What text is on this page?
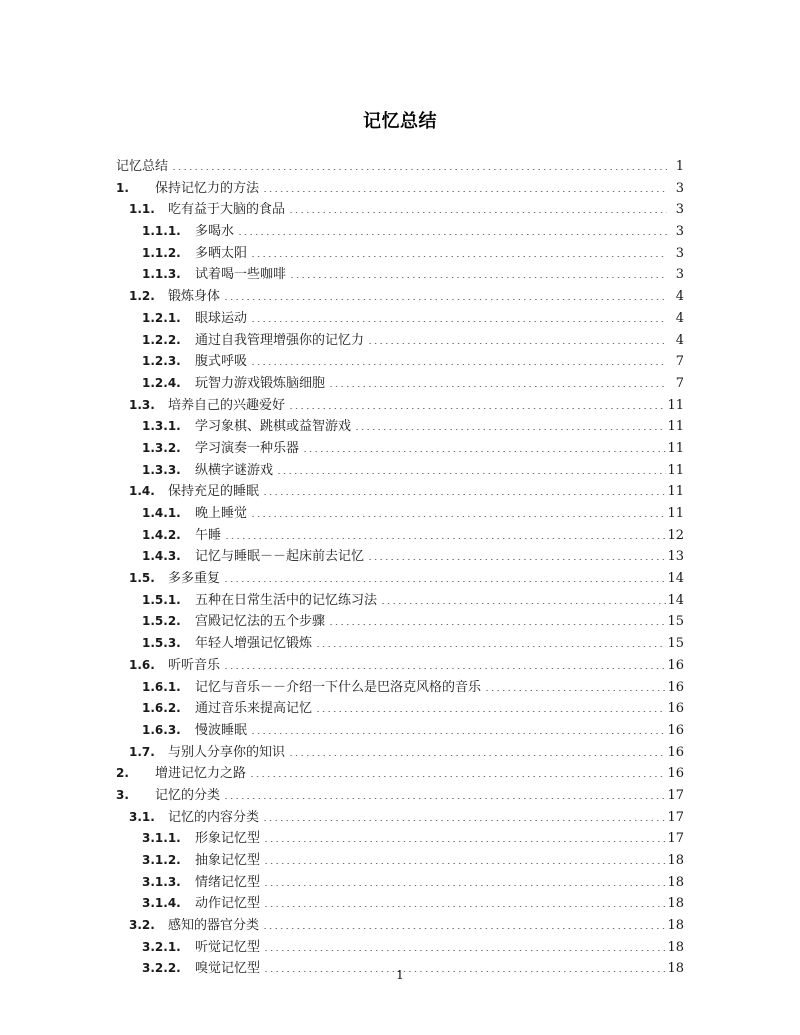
记忆总结
记忆总结 .....	1
1.	保持记忆力的方法 .....	3
1.1.	吃有益于大脑的食品 .....	3
1.1.1.	多喝水 .....	3
1.1.2.	多晒太阳 .....	3
1.1.3.	试着喝一些咖啡 .....	3
1.2.	锻炼身体 .....	4
1.2.1.	眼球运动 .....	4
1.2.2.	通过自我管理增强你的记忆力 .....	4
1.2.3.	腹式呼吸 .....	7
1.2.4.	玩智力游戏锻炼脑细胞 .....	7
1.3.	培养自己的兴趣爱好 .....	11
1.3.1.	学习象棋、跳棋或益智游戏 .....	11
1.3.2.	学习演奏一种乐器 .....	11
1.3.3.	纵横字谜游戏 .....	11
1.4.	保持充足的睡眠 .....	11
1.4.1.	晚上睡觉 .....	11
1.4.2.	午睡 .....	12
1.4.3.	记忆与睡眠－－起床前去记忆 .....	13
1.5.	多多重复 .....	14
1.5.1.	五种在日常生活中的记忆练习法 .....	14
1.5.2.	宫殿记忆法的五个步骤 .....	15
1.5.3.	年轻人增强记忆锻炼 .....	15
1.6.	听听音乐 .....	16
1.6.1.	记忆与音乐－－介绍一下什么是巴洛克风格的音乐 .....	16
1.6.2.	通过音乐来提高记忆 .....	16
1.6.3.	慢波睡眠 .....	16
1.7.	与别人分享你的知识 .....	16
2.	增进记忆力之路 .....	16
3.	记忆的分类 .....	17
3.1.	记忆的内容分类 .....	17
3.1.1.	形象记忆型 .....	17
3.1.2.	抽象记忆型 .....	18
3.1.3.	情绪记忆型 .....	18
3.1.4.	动作记忆型 .....	18
3.2.	感知的器官分类 .....	18
3.2.1.	听觉记忆型 .....	18
3.2.2.	嗅觉记忆型 .....	18
1
